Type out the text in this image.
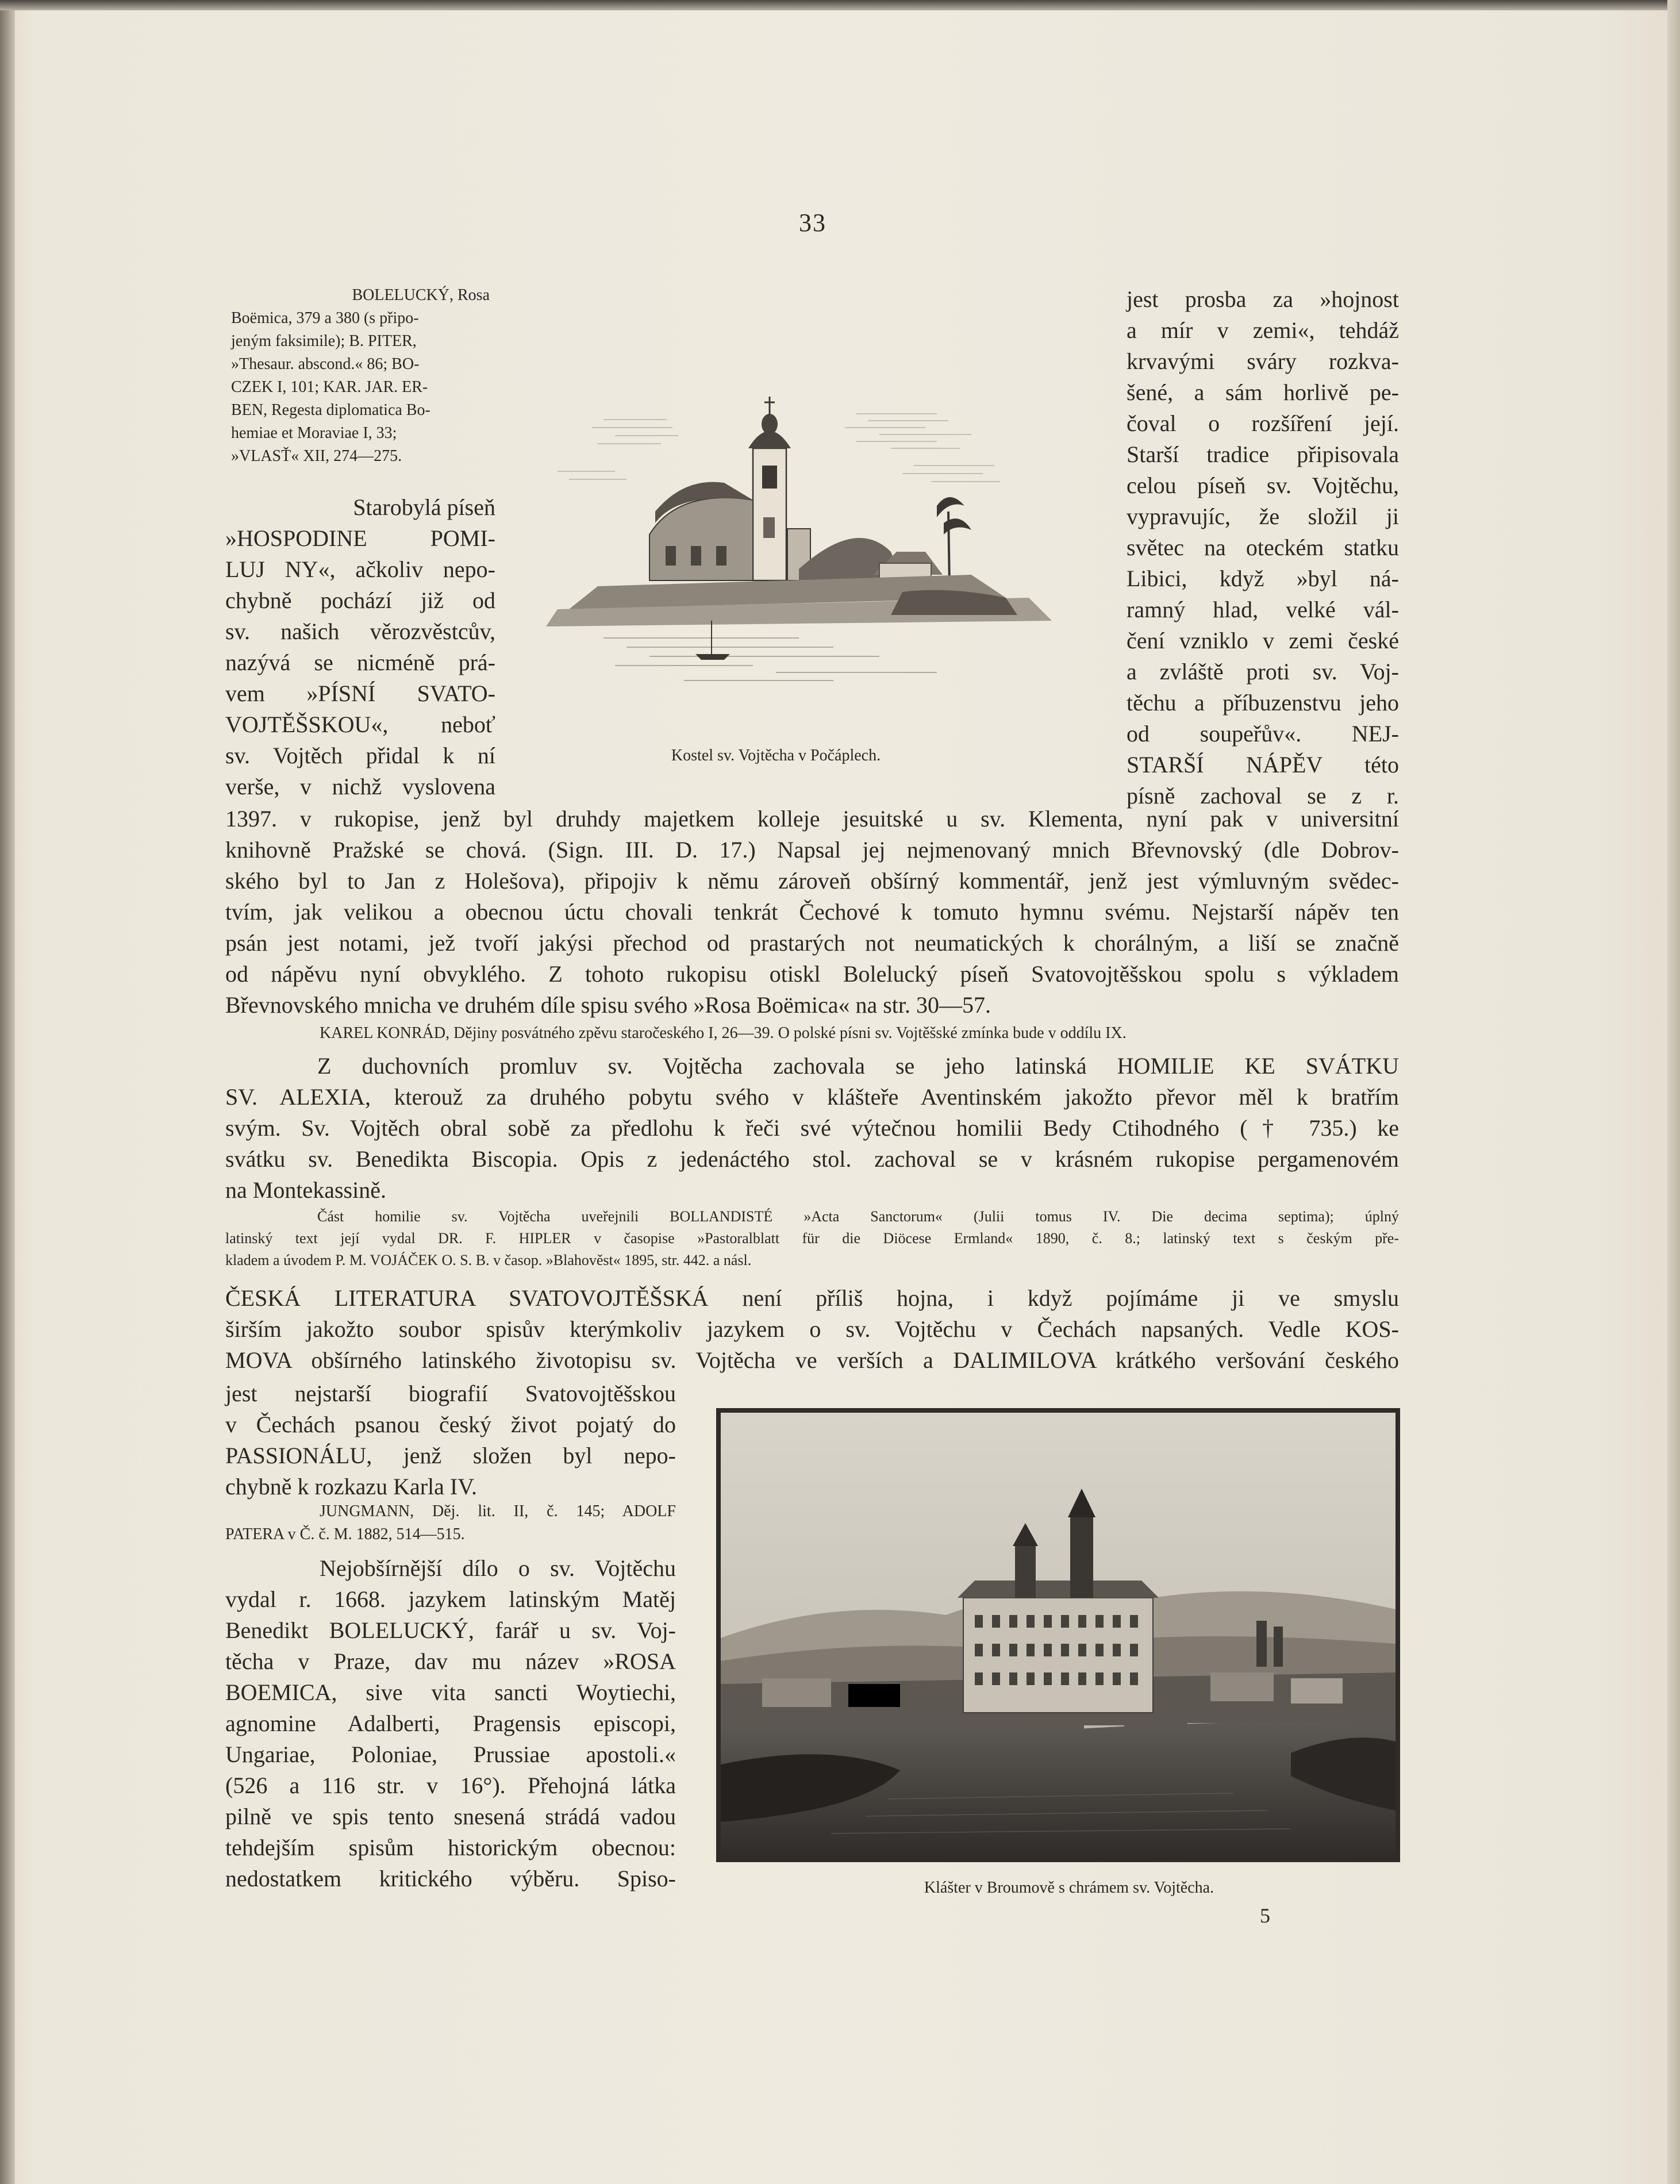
33
BOLELUCKÝ, Rosa
Boëmica, 379 a 380 (s připo-
jeným faksimile); B. PITER,
»Thesaur. abscond.« 86; BO-
CZEK I, 101; KAR. JAR. ER-
BEN, Regesta diplomatica Bo-
hemiae et Moraviae I, 33;
»VLASŤ« XII, 274—275.
Starobylá píseň
»HOSPODINE POMI-
LUJ NY«, ačkoliv nepo-
chybně pochází již od
sv. našich věrozvěstcův,
nazývá se nicméně prá-
vem »PÍSNÍ SVATO-
VOJTĚŠSKOU«, neboť
sv. Vojtěch přidal k ní
verše, v nichž vyslovena
Kostel sv. Vojtěcha v Počáplech.
jest prosba za »hojnost
a mír v zemi«, tehdáž
krvavými sváry rozkva-
šené, a sám horlivě pe-
čoval o rozšíření její.
Starší tradice připisovala
celou píseň sv. Vojtěchu,
vypravujíc, že složil ji
světec na oteckém statku
Libici, když »byl ná-
ramný hlad, velké vál-
čení vzniklo v zemi české
a zvláště proti sv. Voj-
těchu a příbuzenstvu jeho
od soupeřův«. NEJ-
STARŠÍ NÁPĚV této
písně zachoval se z r.
1397. v rukopise, jenž byl druhdy majetkem kolleje jesuitské u sv. Klementa, nyní pak v universitní
knihovně Pražské se chová. (Sign. III. D. 17.) Napsal jej nejmenovaný mnich Břevnovský (dle Dobrov-
ského byl to Jan z Holešova), připojiv k němu zároveň obšírný kommentář, jenž jest výmluvným svědec-
tvím, jak velikou a obecnou úctu chovali tenkrát Čechové k tomuto hymnu svému. Nejstarší nápěv ten
psán jest notami, jež tvoří jakýsi přechod od prastarých not neumatických k chorálným, a liší se značně
od nápěvu nyní obvyklého. Z tohoto rukopisu otiskl Bolelucký píseň Svatovojtěšskou spolu s výkladem
Břevnovského mnicha ve druhém díle spisu svého »Rosa Boëmica« na str. 30—57.
KAREL KONRÁD, Dějiny posvátného zpěvu staročeského I, 26—39. O polské písni sv. Vojtěšské zmínka bude v oddílu IX.
Z duchovních promluv sv. Vojtěcha zachovala se jeho latinská HOMILIE KE SVÁTKU
SV. ALEXIA, kterouž za druhého pobytu svého v klášteře Aventinském jakožto převor měl k bratřím
svým. Sv. Vojtěch obral sobě za předlohu k řeči své výtečnou homilii Bedy Ctihodného († 735.) ke
svátku sv. Benedikta Biscopia. Opis z jedenáctého stol. zachoval se v krásném rukopise pergamenovém
na Montekassině.
Část homilie sv. Vojtěcha uveřejnili BOLLANDISTÉ »Acta Sanctorum« (Julii tomus IV. Die decima septima); úplný
latinský text její vydal DR. F. HIPLER v časopise »Pastoralblatt für die Diöcese Ermland« 1890, č. 8.; latinský text s českým pře-
kladem a úvodem P. M. VOJÁČEK O. S. B. v časop. »Blahověst« 1895, str. 442. a násl.
ČESKÁ LITERATURA SVATOVOJTĚŠSKÁ není příliš hojna, i když pojímáme ji ve smyslu
širším jakožto soubor spisův kterýmkoliv jazykem o sv. Vojtěchu v Čechách napsaných. Vedle KOS-
MOVA obšírného latinského životopisu sv. Vojtěcha ve verších a DALIMILOVA krátkého veršování českého
jest nejstarší biografií Svatovojtěšskou
v Čechách psanou český život pojatý do
PASSIONÁLU, jenž složen byl nepo-
chybně k rozkazu Karla IV.
JUNGMANN, Děj. lit. II, č. 145; ADOLF
PATERA v Č. č. M. 1882, 514—515.
Nejobšírnější dílo o sv. Vojtěchu
vydal r. 1668. jazykem latinským Matěj
Benedikt BOLELUCKÝ, farář u sv. Voj-
těcha v Praze, dav mu název »ROSA
BOEMICA, sive vita sancti Woytiechi,
agnomine Adalberti, Pragensis episcopi,
Ungariae, Poloniae, Prussiae apostoli.«
(526 a 116 str. v 16°). Přehojná látka
pilně ve spis tento snesená strádá vadou
tehdejším spisům historickým obecnou:
nedostatkem kritického výběru. Spiso-	Klášter v Broumově s chrámem sv. Vojtěcha.
5
